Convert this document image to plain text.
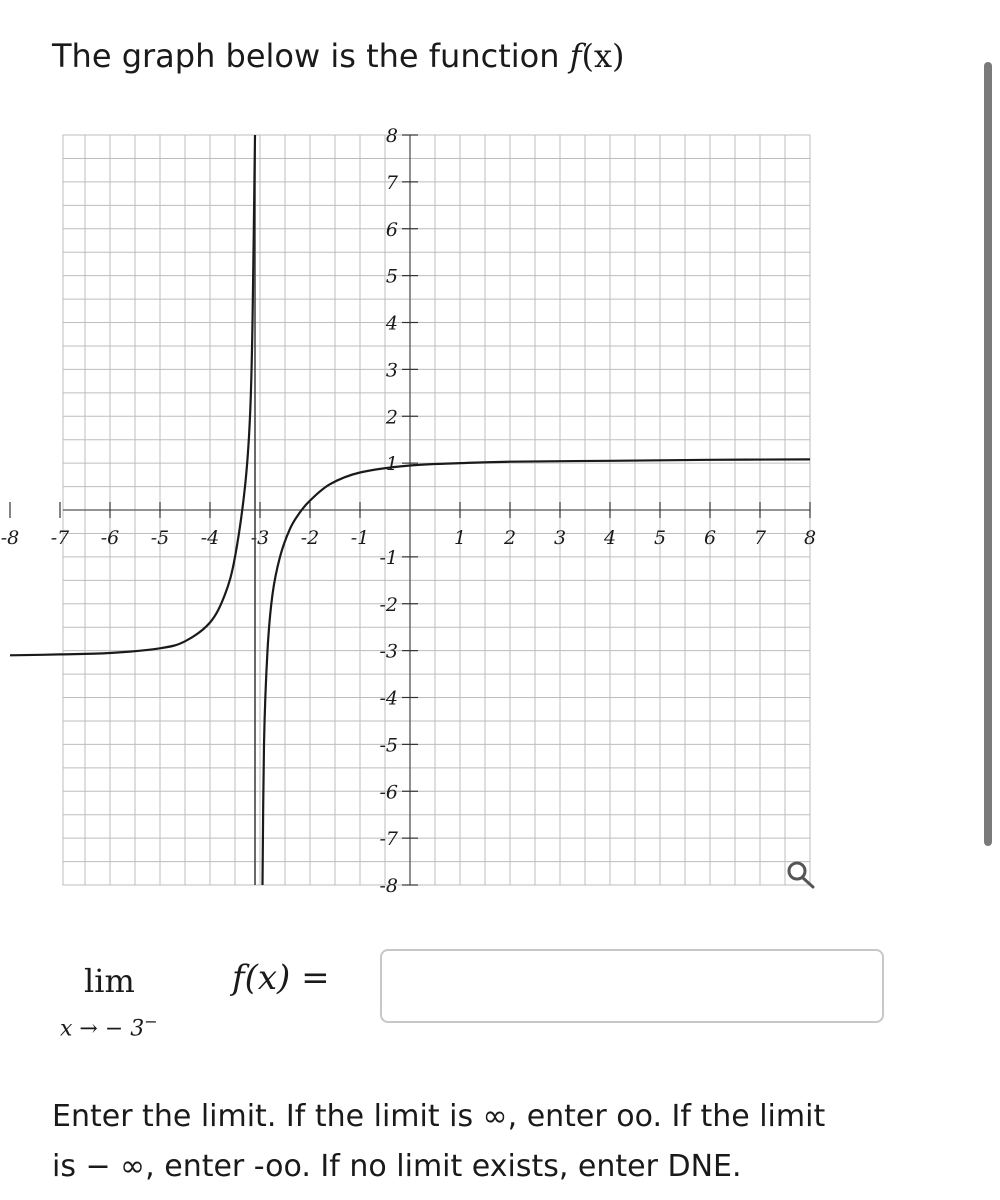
The graph below is the function f(x)
-8 -7 -6 -5 -4 -3 -2 -1	1 2 3 4 5 6 7 8
8
7
6
5
4
3
2
1
-1
-2
-3
-4
-5
-6
-7
-8
lim
x → − 3−
f(x) =
Enter the limit. If the limit is ∞, enter oo. If the limit
is − ∞, enter -oo. If no limit exists, enter DNE.
